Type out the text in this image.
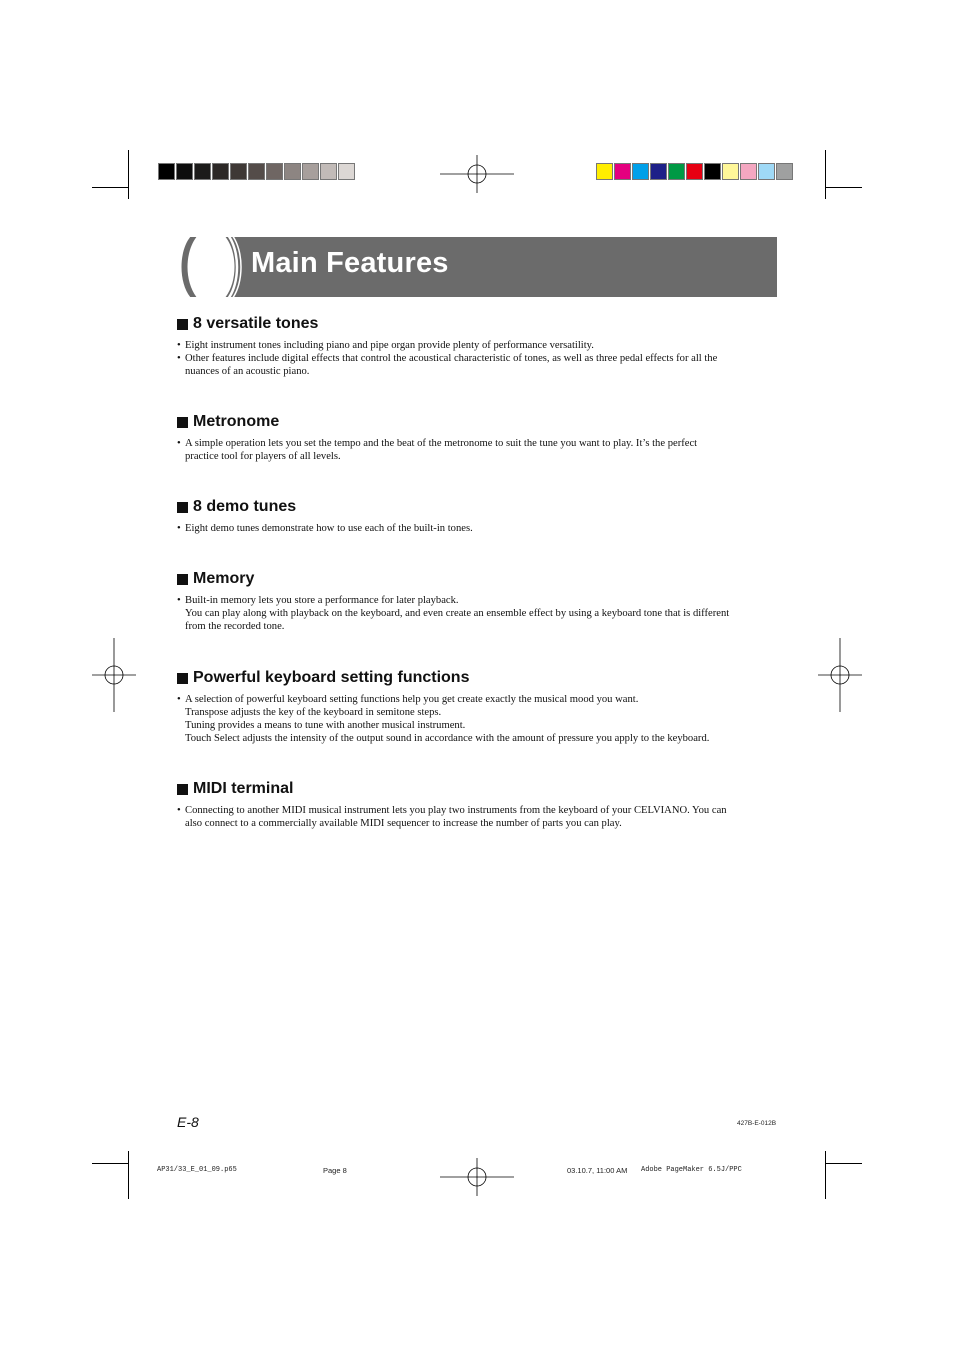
Main Features
8 versatile tones
• Eight instrument tones including piano and pipe organ provide plenty of performance versatility.
• Other features include digital effects that control the acoustical characteristic of tones, as well as three pedal effects for all the
nuances of an acoustic piano.
Metronome
• A simple operation lets you set the tempo and the beat of the metronome to suit the tune you want to play. It’s the perfect
practice tool for players of all levels.
8 demo tunes
• Eight demo tunes demonstrate how to use each of the built-in tones.
Memory
• Built-in memory lets you store a performance for later playback.
You can play along with playback on the keyboard, and even create an ensemble effect by using a keyboard tone that is different
from the recorded tone.
Powerful keyboard setting functions
• A selection of powerful keyboard setting functions help you get create exactly the musical mood you want.
Transpose adjusts the key of the keyboard in semitone steps.
Tuning provides a means to tune with another musical instrument.
Touch Select adjusts the intensity of the output sound in accordance with the amount of pressure you apply to the keyboard.
MIDI terminal
• Connecting to another MIDI musical instrument lets you play two instruments from the keyboard of your CELVIANO. You can
also connect to a commercially available MIDI sequencer to increase the number of parts you can play.
E-8	427B-E-012B
AP31/33_E_01_09.p65	Page 8	03.10.7, 11:00 AM Adobe PageMaker 6.5J/PPC
